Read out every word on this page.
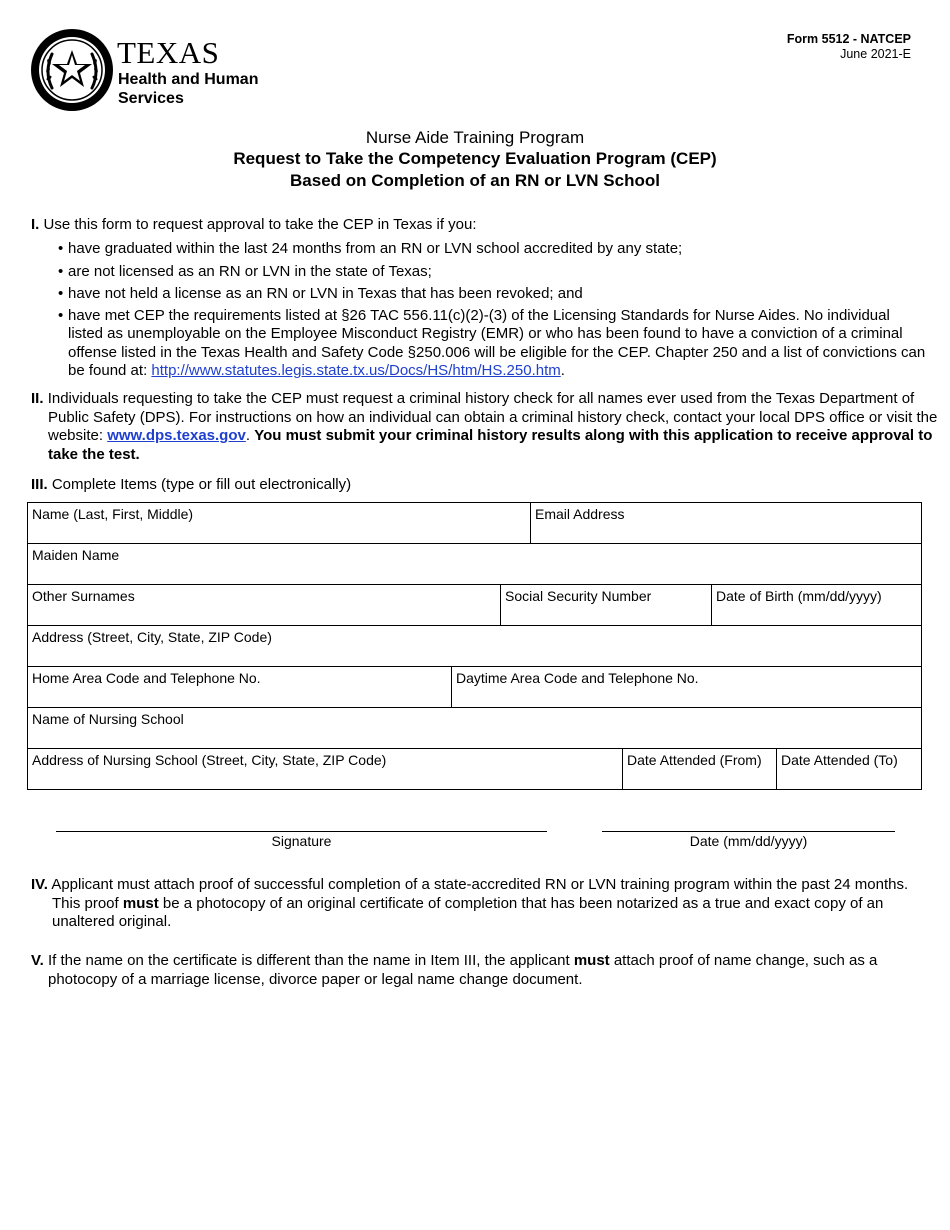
TEXAS
Health and Human
Services
Form 5512 - NATCEP
June 2021-E
Nurse Aide Training Program
Request to Take the Competency Evaluation Program (CEP)
Based on Completion of an RN or LVN School
I. Use this form to request approval to take the CEP in Texas if you:
• have graduated within the last 24 months from an RN or LVN school accredited by any state;
• are not licensed as an RN or LVN in the state of Texas;
• have not held a license as an RN or LVN in Texas that has been revoked; and
• have met CEP the requirements listed at §26 TAC 556.11(c)(2)-(3) of the Licensing Standards for Nurse Aides. No individual listed as unemployable on the Employee Misconduct Registry (EMR) or who has been found to have a conviction of a criminal offense listed in the Texas Health and Safety Code §250.006 will be eligible for the CEP. Chapter 250 and a list of convictions can be found at: http://www.statutes.legis.state.tx.us/Docs/HS/htm/HS.250.htm.
II. Individuals requesting to take the CEP must request a criminal history check for all names ever used from the Texas Department of Public Safety (DPS). For instructions on how an individual can obtain a criminal history check, contact your local DPS office or visit the website: www.dps.texas.gov. You must submit your criminal history results along with this application to receive approval to take the test.
III. Complete Items (type or fill out electronically)
Name (Last, First, Middle)	Email Address
Maiden Name
Other Surnames	Social Security Number	Date of Birth (mm/dd/yyyy)
Address (Street, City, State, ZIP Code)
Home Area Code and Telephone No.	Daytime Area Code and Telephone No.
Name of Nursing School
Address of Nursing School (Street, City, State, ZIP Code)	Date Attended (From)	Date Attended (To)
Signature	Date (mm/dd/yyyy)
IV. Applicant must attach proof of successful completion of a state-accredited RN or LVN training program within the past 24 months. This proof must be a photocopy of an original certificate of completion that has been notarized as a true and exact copy of an unaltered original.
V. If the name on the certificate is different than the name in Item III, the applicant must attach proof of name change, such as a photocopy of a marriage license, divorce paper or legal name change document.
